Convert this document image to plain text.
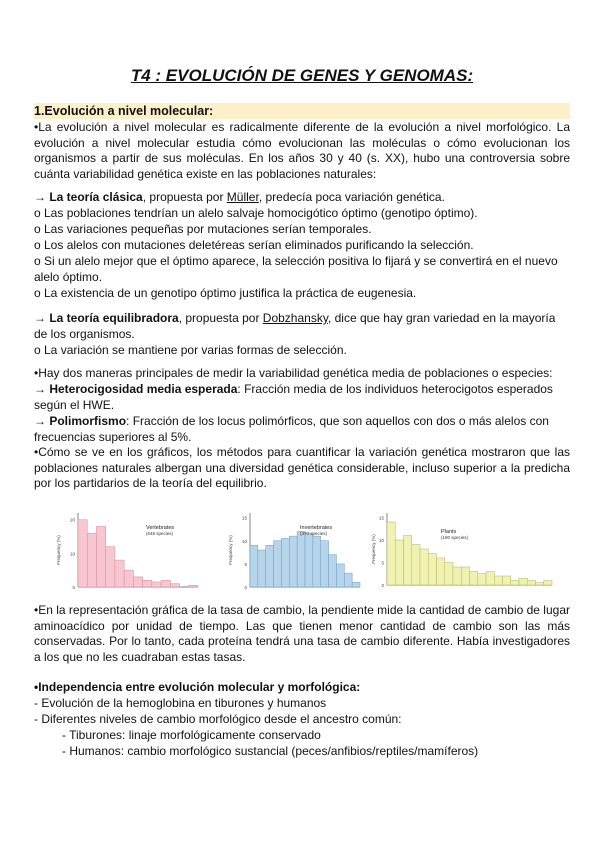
T4 : EVOLUCIÓN DE GENES Y GENOMAS:
1.Evolución a nivel molecular:
•La evolución a nivel molecular es radicalmente diferente de la evolución a nivel morfológico. La evolución a nivel molecular estudia cómo evolucionan las moléculas o cómo evolucionan los organismos a partir de sus moléculas. En los años 30 y 40 (s. XX), hubo una controversia sobre cuánta variabilidad genética existe en las poblaciones naturales:
→ La teoría clásica, propuesta por Müller, predecía poca variación genética.
o Las poblaciones tendrían un alelo salvaje homocigótico óptimo (genotipo óptimo).
o Las variaciones pequeñas por mutaciones serían temporales.
o Los alelos con mutaciones deletéreas serían eliminados purificando la selección.
o Si un alelo mejor que el óptimo aparece, la selección positiva lo fijará y se convertirá en el nuevo alelo óptimo.
o La existencia de un genotipo óptimo justifica la práctica de eugenesia.
→ La teoría equilibradora, propuesta por Dobzhansky, dice que hay gran variedad en la mayoría de los organismos.
o La variación se mantiene por varias formas de selección.
•Hay dos maneras principales de medir la variabilidad genética media de poblaciones o especies:
→ Heterocigosidad media esperada: Fracción media de los individuos heterocigotos esperados según el HWE.
→ Polimorfismo: Fracción de los locus polimórficos, que son aquellos con dos o más alelos con frecuencias superiores al 5%.
•Cómo se ve en los gráficos, los métodos para cuantificar la variación genética mostraron que las poblaciones naturales albergan una diversidad genética considerable, incluso superior a la predicha por los partidarios de la teoría del equilibrio.
•En la representación gráfica de la tasa de cambio, la pendiente mide la cantidad de cambio de lugar aminoacídico por unidad de tiempo. Las que tienen menor cantidad de cambio son las más conservadas. Por lo tanto, cada proteína tendrá una tasa de cambio diferente. Había investigadores a los que no les cuadraban estas tasas.
•Independencia entre evolución molecular y morfológica:
- Evolución de la hemoglobina en tiburones y humanos
- Diferentes niveles de cambio morfológico desde el ancestro común:
- Tiburones: linaje morfológicamente conservado
- Humanos: cambio morfológico sustancial (peces/anfibios/reptiles/mamíferos)
0
10
20
Frequency (%)
Vertebrates
(648 species)
0
5
10
15
Frequency (%)
Invertebrates
(370 species)
0
5
10
15
Frequency (%)
Plants
(180 species)
